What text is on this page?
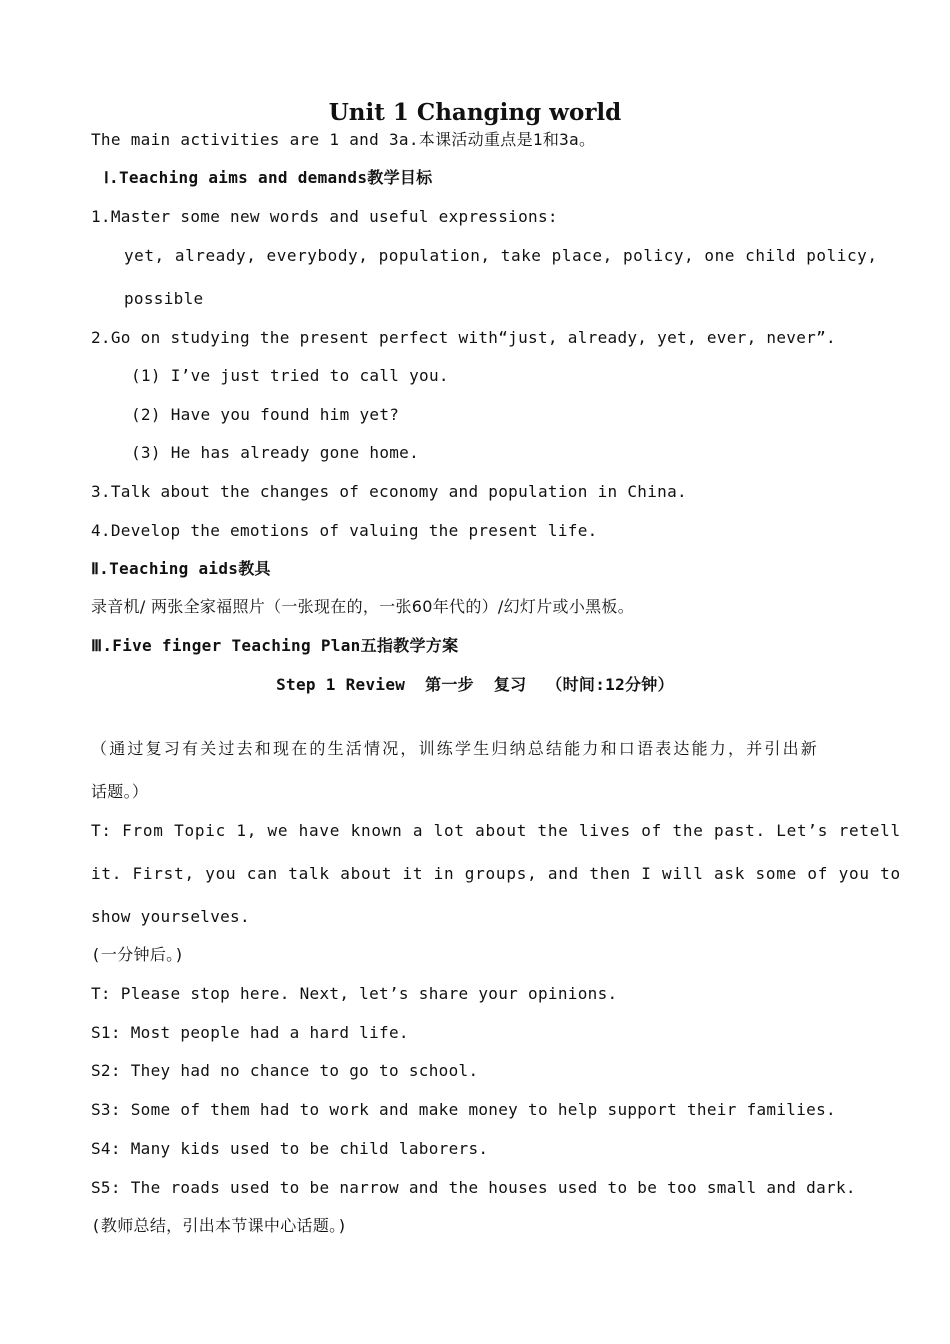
Unit 1 Changing world
The main activities are 1 and 3a.本课活动重点是1和3a。
Ⅰ.Teaching aims and demands教学目标
1.Master some new words and useful expressions:
yet, already, everybody, population, take place, policy, one child policy,
possible
2.Go on studying the present perfect with“just, already, yet, ever, never”.
(1) I’ve just tried to call you.
(2) Have you found him yet?
(3) He has already gone home.
3.Talk about the changes of economy and population in China.
4.Develop the emotions of valuing the present life.
Ⅱ.Teaching aids教具
录音机/ 两张全家福照片（一张现在的，一张60年代的）/幻灯片或小黑板。
Ⅲ.Five finger Teaching Plan五指教学方案
Step 1 Review  第一步  复习  （时间:12分钟）
（通过复习有关过去和现在的生活情况，训练学生归纳总结能力和口语表达能力，并引出新
话题。）
T: From Topic 1, we have known a lot about the lives of the past. Let’s retell
it. First, you can talk about it in groups, and then I will ask some of you to
show yourselves.
(一分钟后。)
T: Please stop here. Next, let’s share your opinions.
S1: Most people had a hard life.
S2: They had no chance to go to school.
S3: Some of them had to work and make money to help support their families.
S4: Many kids used to be child laborers.
S5: The roads used to be narrow and the houses used to be too small and dark.
(教师总结，引出本节课中心话题。)
